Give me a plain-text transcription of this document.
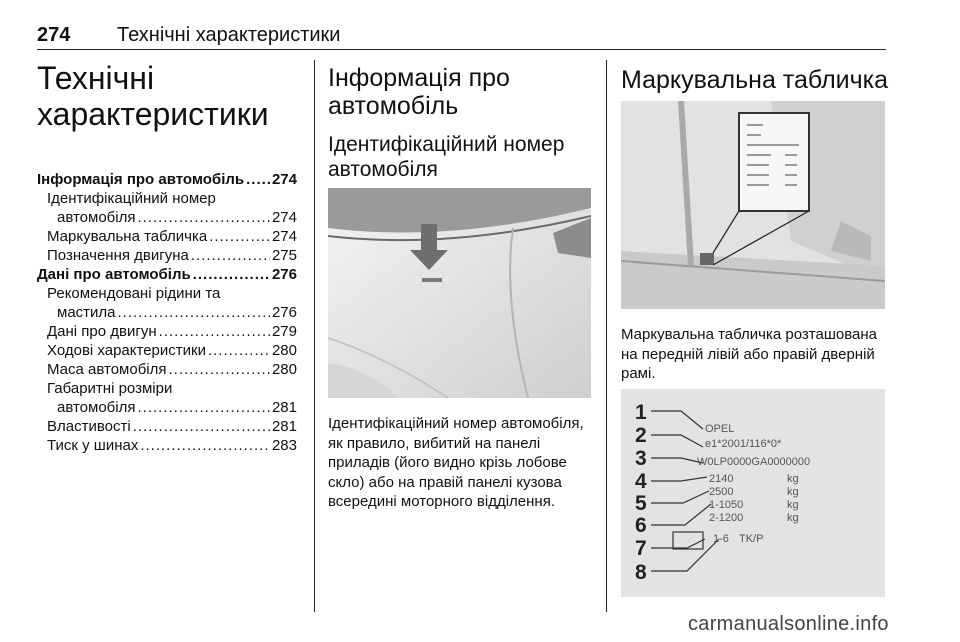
274 Технічні характеристики
Технічні характеристики
Інформація про автомобіль ..... 274
Ідентифікаційний номер
автомобіля .....	274
Маркувальна табличка .....	274
Позначення двигуна .....	275
Дані про автомобіль .....	276
Рекомендовані рідини та
мастила .....	276
Дані про двигун .....	279
Ходові характеристики .....	280
Маса автомобіля .....	280
Габаритні розміри
автомобіля .....	281
Властивості .....	281
Тиск у шинах .....	283
Інформація про автомобіль
Ідентифікаційний номер автомобіля
Ідентифікаційний номер автомобіля, як правило, вибитий на панелі приладів (його видно крізь лобове скло) або на правій панелі кузова всередині моторного відділення.
Маркувальна табличка
Маркувальна табличка розташована на передній лівій або правій дверній рамі.
1
2
3
4
5
6
7
8
OPEL
e1*2001/116*0*
W0LP0000GA0000000
2140
2500
1-1050
2-1200
kg
kg
kg
kg
1-6 TK/P
carmanualsonline.info
